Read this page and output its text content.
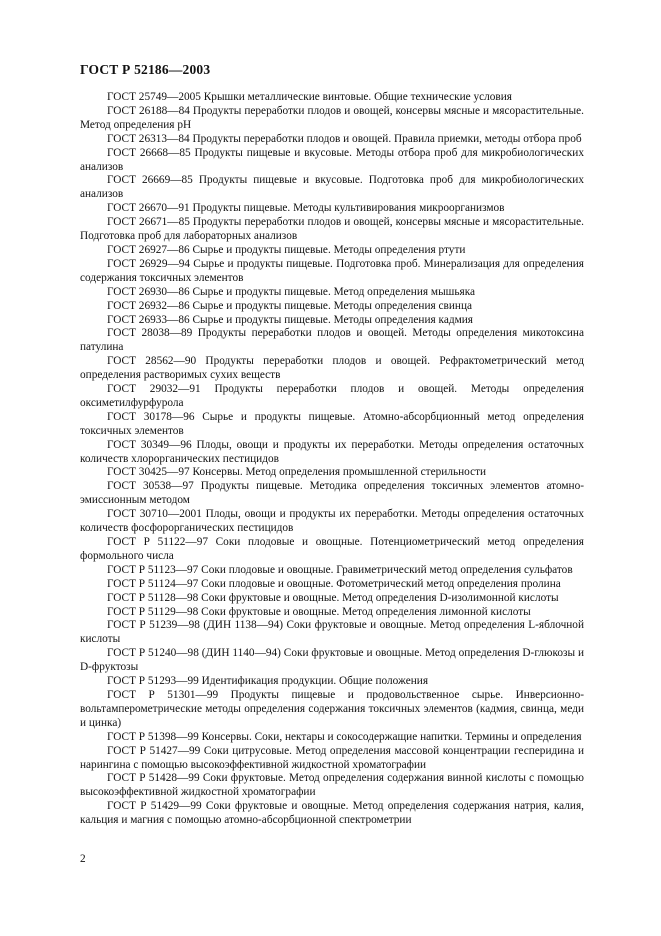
ГОСТ Р 52186—2003

ГОСТ 25749—2005 Крышки металлические винтовые. Общие технические условия

ГОСТ 26188—84 Продукты переработки плодов и овощей, консервы мясные и мясорастительные. Метод определения pH

ГОСТ 26313—84 Продукты переработки плодов и овощей. Правила приемки, методы отбора проб

ГОСТ 26668—85 Продукты пищевые и вкусовые. Методы отбора проб для микробиологических анализов

ГОСТ 26669—85 Продукты пищевые и вкусовые. Подготовка проб для микробиологических анализов

ГОСТ 26670—91 Продукты пищевые. Методы культивирования микроорганизмов

ГОСТ 26671—85 Продукты переработки плодов и овощей, консервы мясные и мясорастительные. Подготовка проб для лабораторных анализов

ГОСТ 26927—86 Сырье и продукты пищевые. Методы определения ртути

ГОСТ 26929—94 Сырье и продукты пищевые. Подготовка проб. Минерализация для определения содержания токсичных элементов

ГОСТ 26930—86 Сырье и продукты пищевые. Метод определения мышьяка

ГОСТ 26932—86 Сырье и продукты пищевые. Методы определения свинца

ГОСТ 26933—86 Сырье и продукты пищевые. Методы определения кадмия

ГОСТ 28038—89 Продукты переработки плодов и овощей. Методы определения микотоксина патулина

ГОСТ 28562—90 Продукты переработки плодов и овощей. Рефрактометрический метод определения растворимых сухих веществ

ГОСТ 29032—91 Продукты переработки плодов и овощей. Методы определения оксиметилфурфурола

ГОСТ 30178—96 Сырье и продукты пищевые. Атомно-абсорбционный метод определения токсичных элементов

ГОСТ 30349—96 Плоды, овощи и продукты их переработки. Методы определения остаточных количеств хлорорганических пестицидов

ГОСТ 30425—97 Консервы. Метод определения промышленной стерильности

ГОСТ 30538—97 Продукты пищевые. Методика определения токсичных элементов атомно-эмиссионным методом

ГОСТ 30710—2001 Плоды, овощи и продукты их переработки. Методы определения остаточных количеств фосфорорганических пестицидов

ГОСТ Р 51122—97 Соки плодовые и овощные. Потенциометрический метод определения формольного числа

ГОСТ Р 51123—97 Соки плодовые и овощные. Гравиметрический метод определения сульфатов

ГОСТ Р 51124—97 Соки плодовые и овощные. Фотометрический метод определения пролина

ГОСТ Р 51128—98 Соки фруктовые и овощные. Метод определения D-изолимонной кислоты

ГОСТ Р 51129—98 Соки фруктовые и овощные. Метод определения лимонной кислоты

ГОСТ Р 51239—98 (ДИН 1138—94) Соки фруктовые и овощные. Метод определения L-яблочной кислоты

ГОСТ Р 51240—98 (ДИН 1140—94) Соки фруктовые и овощные. Метод определения D-глюкозы и D-фруктозы

ГОСТ Р 51293—99 Идентификация продукции. Общие положения

ГОСТ Р 51301—99 Продукты пищевые и продовольственное сырье. Инверсионно-вольтамперометрические методы определения содержания токсичных элементов (кадмия, свинца, меди и цинка)

ГОСТ Р 51398—99 Консервы. Соки, нектары и сокосодержащие напитки. Термины и определения

ГОСТ Р 51427—99 Соки цитрусовые. Метод определения массовой концентрации гесперидина и нарингина с помощью высокоэффективной жидкостной хроматографии

ГОСТ Р 51428—99 Соки фруктовые. Метод определения содержания винной кислоты с помощью высокоэффективной жидкостной хроматографии

ГОСТ Р 51429—99 Соки фруктовые и овощные. Метод определения содержания натрия, калия, кальция и магния с помощью атомно-абсорбционной спектрометрии

2
